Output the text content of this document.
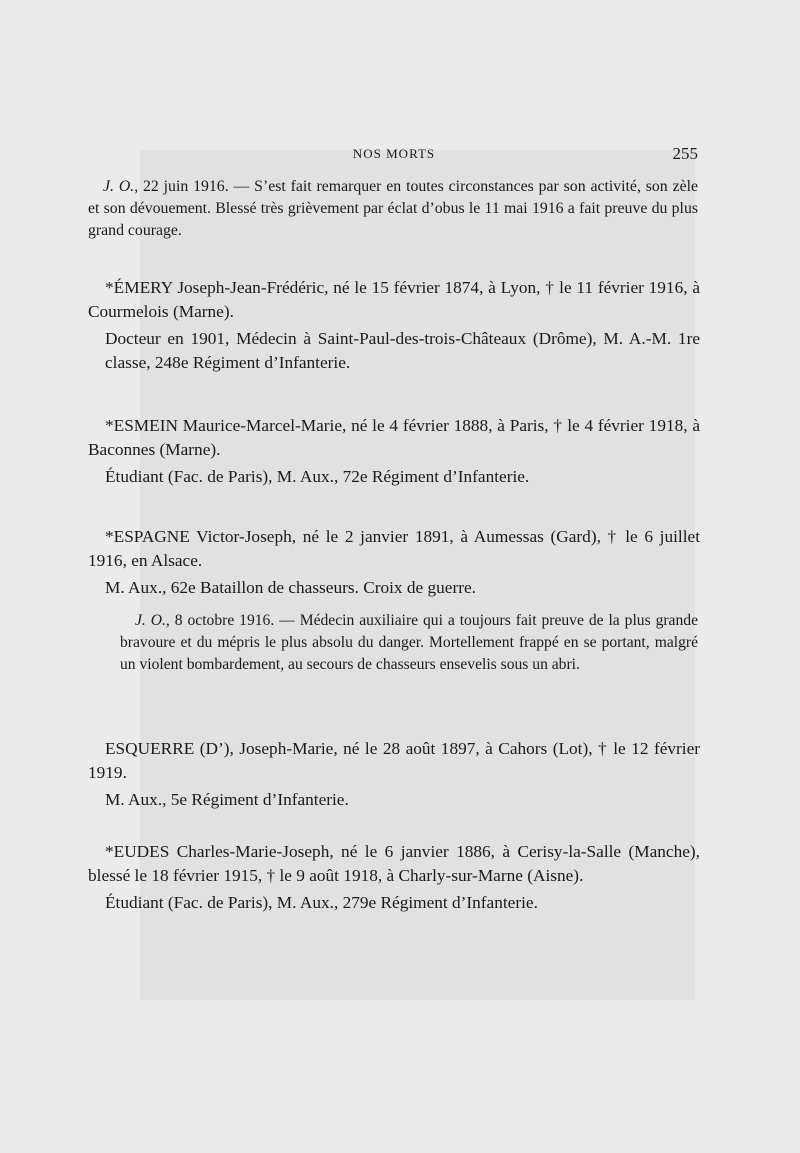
NOS MORTS	255

J. O., 22 juin 1916. — S’est fait remarquer en toutes circonstances par son activité, son zèle et son dévouement. Blessé très grièvement par éclat d’obus le 11 mai 1916 a fait preuve du plus grand courage.

*ÉMERY Joseph-Jean-Frédéric, né le 15 février 1874, à Lyon, † le 11 février 1916, à Courmelois (Marne).

Docteur en 1901, Médecin à Saint-Paul-des-trois-Châteaux (Drôme), M. A.-M. 1re classe, 248e Régiment d’Infanterie.

*ESMEIN Maurice-Marcel-Marie, né le 4 février 1888, à Paris, † le 4 février 1918, à Baconnes (Marne).

Étudiant (Fac. de Paris), M. Aux., 72e Régiment d’Infanterie.

*ESPAGNE Victor-Joseph, né le 2 janvier 1891, à Aumessas (Gard), † le 6 juillet 1916, en Alsace.

M. Aux., 62e Bataillon de chasseurs. Croix de guerre.

J. O., 8 octobre 1916. — Médecin auxiliaire qui a toujours fait preuve de la plus grande bravoure et du mépris le plus absolu du danger. Mortellement frappé en se portant, malgré un violent bombardement, au secours de chasseurs ensevelis sous un abri.

ESQUERRE (D’), Joseph-Marie, né le 28 août 1897, à Cahors (Lot), † le 12 février 1919.

M. Aux., 5e Régiment d’Infanterie.

*EUDES Charles-Marie-Joseph, né le 6 janvier 1886, à Cerisy-la-Salle (Manche), blessé le 18 février 1915, † le 9 août 1918, à Charly-sur-Marne (Aisne).

Étudiant (Fac. de Paris), M. Aux., 279e Régiment d’Infanterie.
